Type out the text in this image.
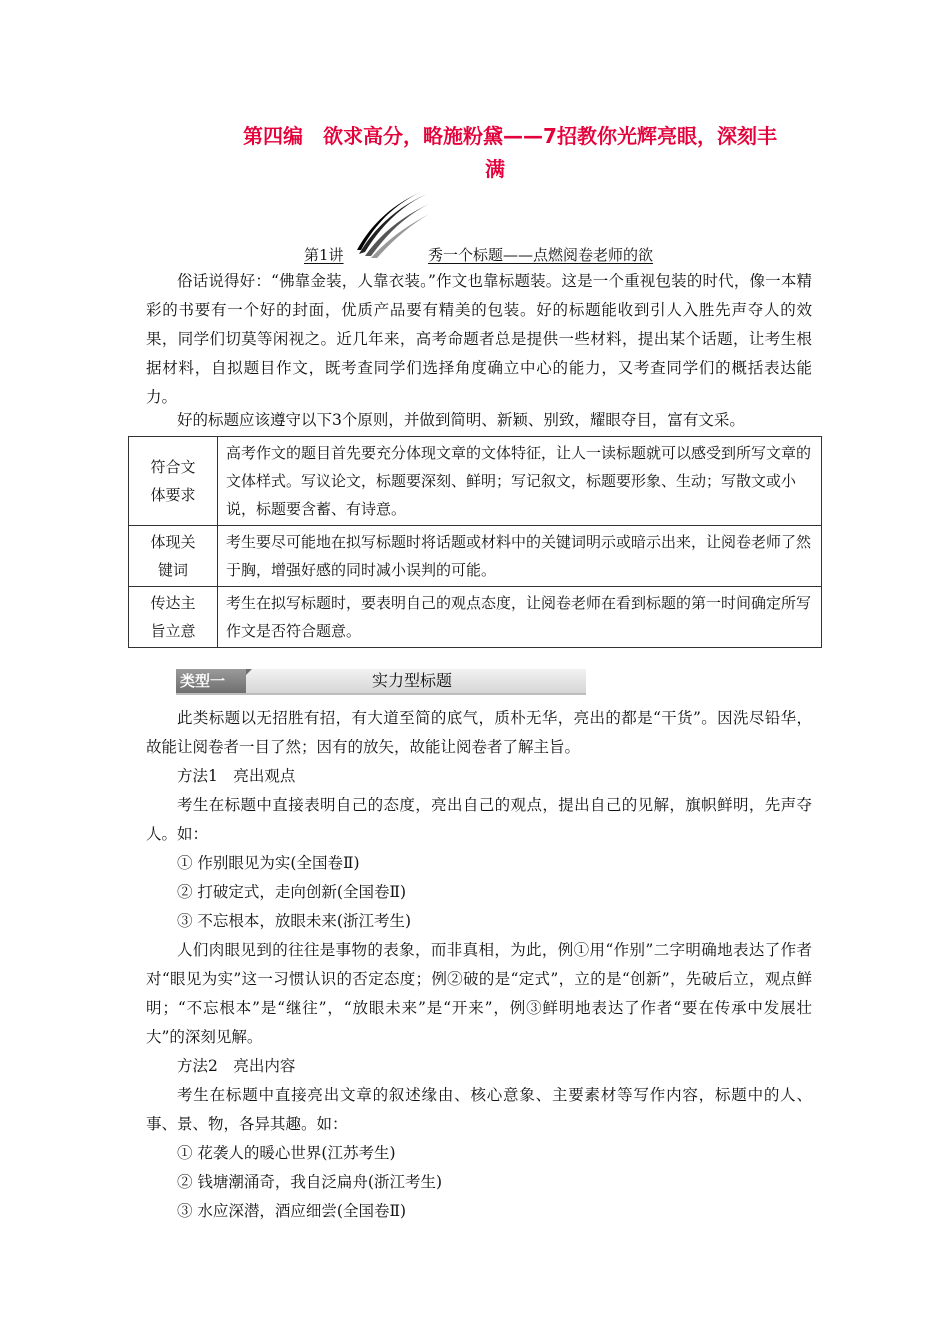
第四编　欲求高分，略施粉黛——7招教你光辉亮眼，深刻丰
满
第1讲	秀一个标题——点燃阅卷老师的欲

俗话说得好：“佛靠金装，人靠衣装。”作文也靠标题装。这是一个重视包装的时代，像一本精彩的书要有一个好的封面，优质产品要有精美的包装。好的标题能收到引人入胜先声夺人的效果，同学们切莫等闲视之。近几年来，高考命题者总是提供一些材料，提出某个话题，让考生根据材料，自拟题目作文，既考查同学们选择角度确立中心的能力，又考查同学们的概括表达能力。

好的标题应该遵守以下3个原则，并做到简明、新颖、别致，耀眼夺目，富有文采。

符合文
体要求	高考作文的题目首先要充分体现文章的文体特征，让人一读标题就可以感受到所写文章的文体样式。写议论文，标题要深刻、鲜明；写记叙文，标题要形象、生动；写散文或小说，标题要含蓄、有诗意。

体现关
键词	考生要尽可能地在拟写标题时将话题或材料中的关键词明示或暗示出来，让阅卷老师了然于胸，增强好感的同时减小误判的可能。

传达主
旨立意	考生在拟写标题时，要表明自己的观点态度，让阅卷老师在看到标题的第一时间确定所写作文是否符合题意。
类型一	实力型标题

此类标题以无招胜有招，有大道至简的底气，质朴无华，亮出的都是“干货”。因洗尽铅华，故能让阅卷者一目了然；因有的放矢，故能让阅卷者了解主旨。

方法1　亮出观点

考生在标题中直接表明自己的态度，亮出自己的观点，提出自己的见解，旗帜鲜明，先声夺人。如：

① 作别眼见为实(全国卷Ⅱ)
② 打破定式，走向创新(全国卷Ⅱ)
③ 不忘根本，放眼未来(浙江考生)

人们肉眼见到的往往是事物的表象，而非真相，为此，例①用“作别”二字明确地表达了作者对“眼见为实”这一习惯认识的否定态度；例②破的是“定式”，立的是“创新”，先破后立，观点鲜明；“不忘根本”是“继往”，“放眼未来”是“开来”，例③鲜明地表达了作者“要在传承中发展壮大”的深刻见解。

方法2　亮出内容

考生在标题中直接亮出文章的叙述缘由、核心意象、主要素材等写作内容，标题中的人、事、景、物，各异其趣。如：

① 花袭人的暖心世界(江苏考生)
② 钱塘潮涌奇，我自泛扁舟(浙江考生)
③ 水应深潜，酒应细尝(全国卷Ⅱ)
